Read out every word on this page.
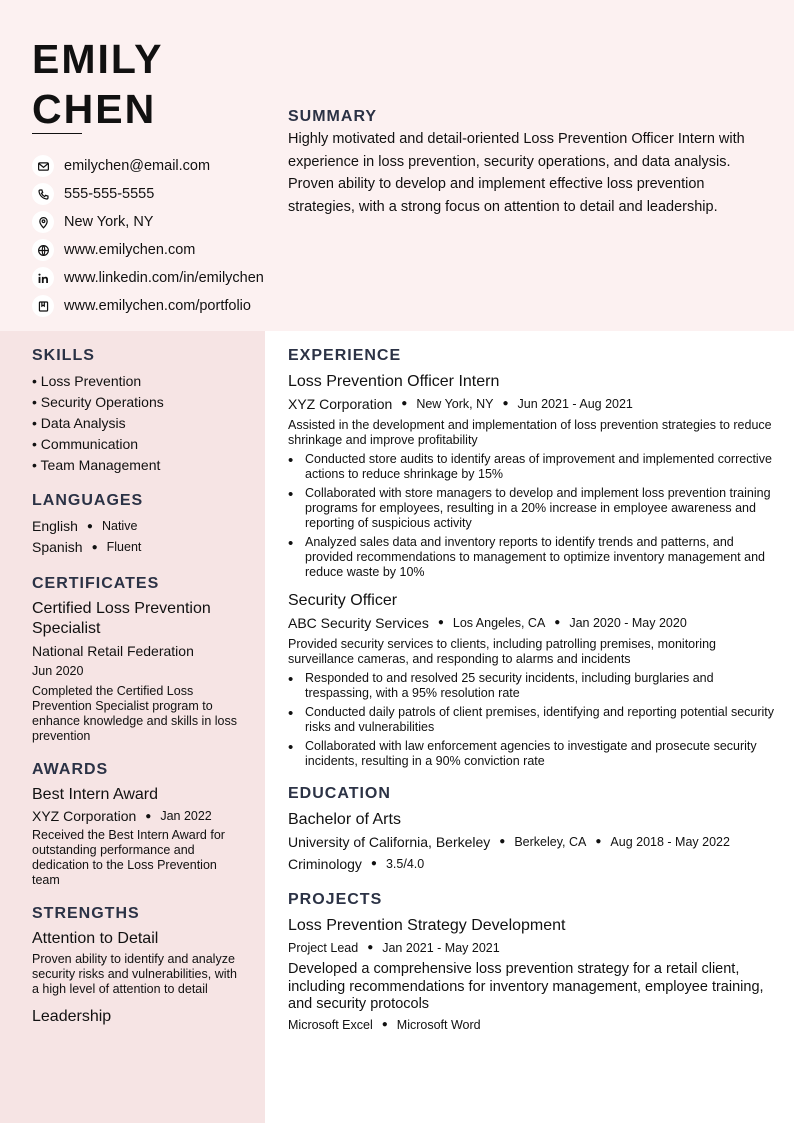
EMILY
CHEN
emilychen@email.com
555-555-5555
New York, NY
www.emilychen.com
www.linkedin.com/in/emilychen
www.emilychen.com/portfolio
SUMMARY
Highly motivated and detail-oriented Loss Prevention Officer Intern with experience in loss prevention, security operations, and data analysis. Proven ability to develop and implement effective loss prevention strategies, with a strong focus on attention to detail and leadership.
SKILLS
• Loss Prevention
• Security Operations
• Data Analysis
• Communication
• Team Management
LANGUAGES
English ● Native
Spanish ● Fluent
CERTIFICATES
Certified Loss Prevention Specialist
National Retail Federation
Jun 2020
Completed the Certified Loss Prevention Specialist program to enhance knowledge and skills in loss prevention
AWARDS
Best Intern Award
XYZ Corporation ● Jan 2022
Received the Best Intern Award for outstanding performance and dedication to the Loss Prevention team
STRENGTHS
Attention to Detail
Proven ability to identify and analyze security risks and vulnerabilities, with a high level of attention to detail
Leadership
EXPERIENCE
Loss Prevention Officer Intern
XYZ Corporation ● New York, NY ● Jun 2021 - Aug 2021
Assisted in the development and implementation of loss prevention strategies to reduce shrinkage and improve profitability
• Conducted store audits to identify areas of improvement and implemented corrective actions to reduce shrinkage by 15%
• Collaborated with store managers to develop and implement loss prevention training programs for employees, resulting in a 20% increase in employee awareness and reporting of suspicious activity
• Analyzed sales data and inventory reports to identify trends and patterns, and provided recommendations to management to optimize inventory management and reduce waste by 10%
Security Officer
ABC Security Services ● Los Angeles, CA ● Jan 2020 - May 2020
Provided security services to clients, including patrolling premises, monitoring surveillance cameras, and responding to alarms and incidents
• Responded to and resolved 25 security incidents, including burglaries and trespassing, with a 95% resolution rate
• Conducted daily patrols of client premises, identifying and reporting potential security risks and vulnerabilities
• Collaborated with law enforcement agencies to investigate and prosecute security incidents, resulting in a 90% conviction rate
EDUCATION
Bachelor of Arts
University of California, Berkeley ● Berkeley, CA ● Aug 2018 - May 2022
Criminology ● 3.5/4.0
PROJECTS
Loss Prevention Strategy Development
Project Lead ● Jan 2021 - May 2021
Developed a comprehensive loss prevention strategy for a retail client, including recommendations for inventory management, employee training, and security protocols
Microsoft Excel ● Microsoft Word
